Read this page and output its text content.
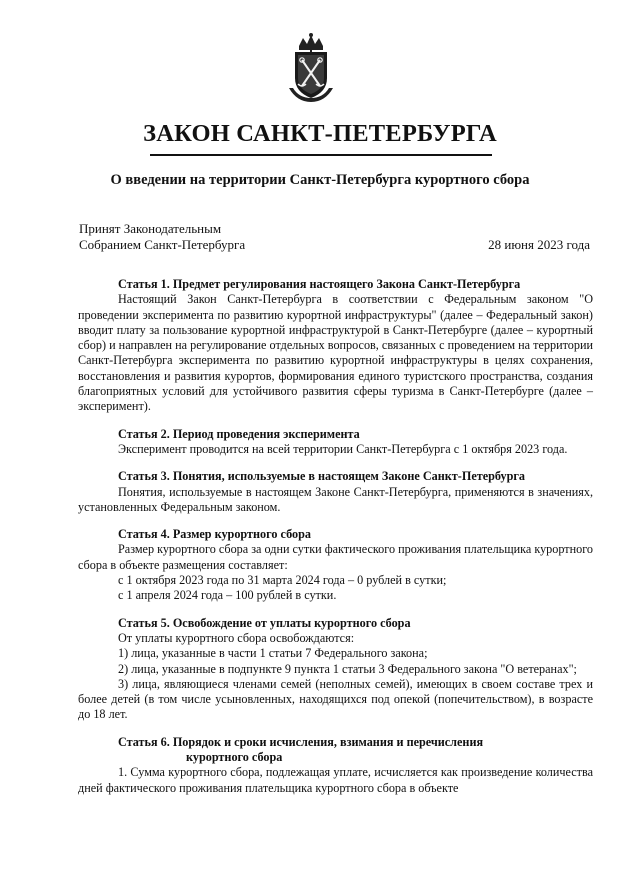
ЗАКОН САНКТ-ПЕТЕРБУРГА
О введении на территории Санкт-Петербурга курортного сбора
Принят Законодательным
Собранием Санкт-Петербурга	28 июня 2023 года

Статья 1. Предмет регулирования настоящего Закона Санкт-Петербурга

Настоящий Закон Санкт-Петербурга в соответствии с Федеральным законом "О проведении эксперимента по развитию курортной инфраструктуры" (далее – Федеральный закон) вводит плату за пользование курортной инфраструктурой в Санкт-Петербурге (далее – курортный сбор) и направлен на регулирование отдельных вопросов, связанных с проведением на территории Санкт-Петербурга эксперимента по развитию курортной инфраструктуры в целях сохранения, восстановления и развития курортов, формирования единого туристского пространства, создания благоприятных условий для устойчивого развития сферы туризма в Санкт-Петербурге (далее – эксперимент).

Статья 2. Период проведения эксперимента

Эксперимент проводится на всей территории Санкт-Петербурга с 1 октября 2023 года.

Статья 3. Понятия, используемые в настоящем Законе Санкт-Петербурга

Понятия, используемые в настоящем Законе Санкт-Петербурга, применяются в значениях, установленных Федеральным законом.

Статья 4. Размер курортного сбора

Размер курортного сбора за одни сутки фактического проживания плательщика курортного сбора в объекте размещения составляет:

с 1 октября 2023 года по 31 марта 2024 года – 0 рублей в сутки;

с 1 апреля 2024 года – 100 рублей в сутки.

Статья 5. Освобождение от уплаты курортного сбора

От уплаты курортного сбора освобождаются:

1) лица, указанные в части 1 статьи 7 Федерального закона;

2) лица, указанные в подпункте 9 пункта 1 статьи 3 Федерального закона "О ветеранах";

3) лица, являющиеся членами семей (неполных семей), имеющих в своем составе трех и более детей (в том числе усыновленных, находящихся под опекой (попечительством), в возрасте до 18 лет.

Статья 6. Порядок и сроки исчисления, взимания и перечисления

курортного сбора

1. Сумма курортного сбора, подлежащая уплате, исчисляется как произведение количества дней фактического проживания плательщика курортного сбора в объекте
